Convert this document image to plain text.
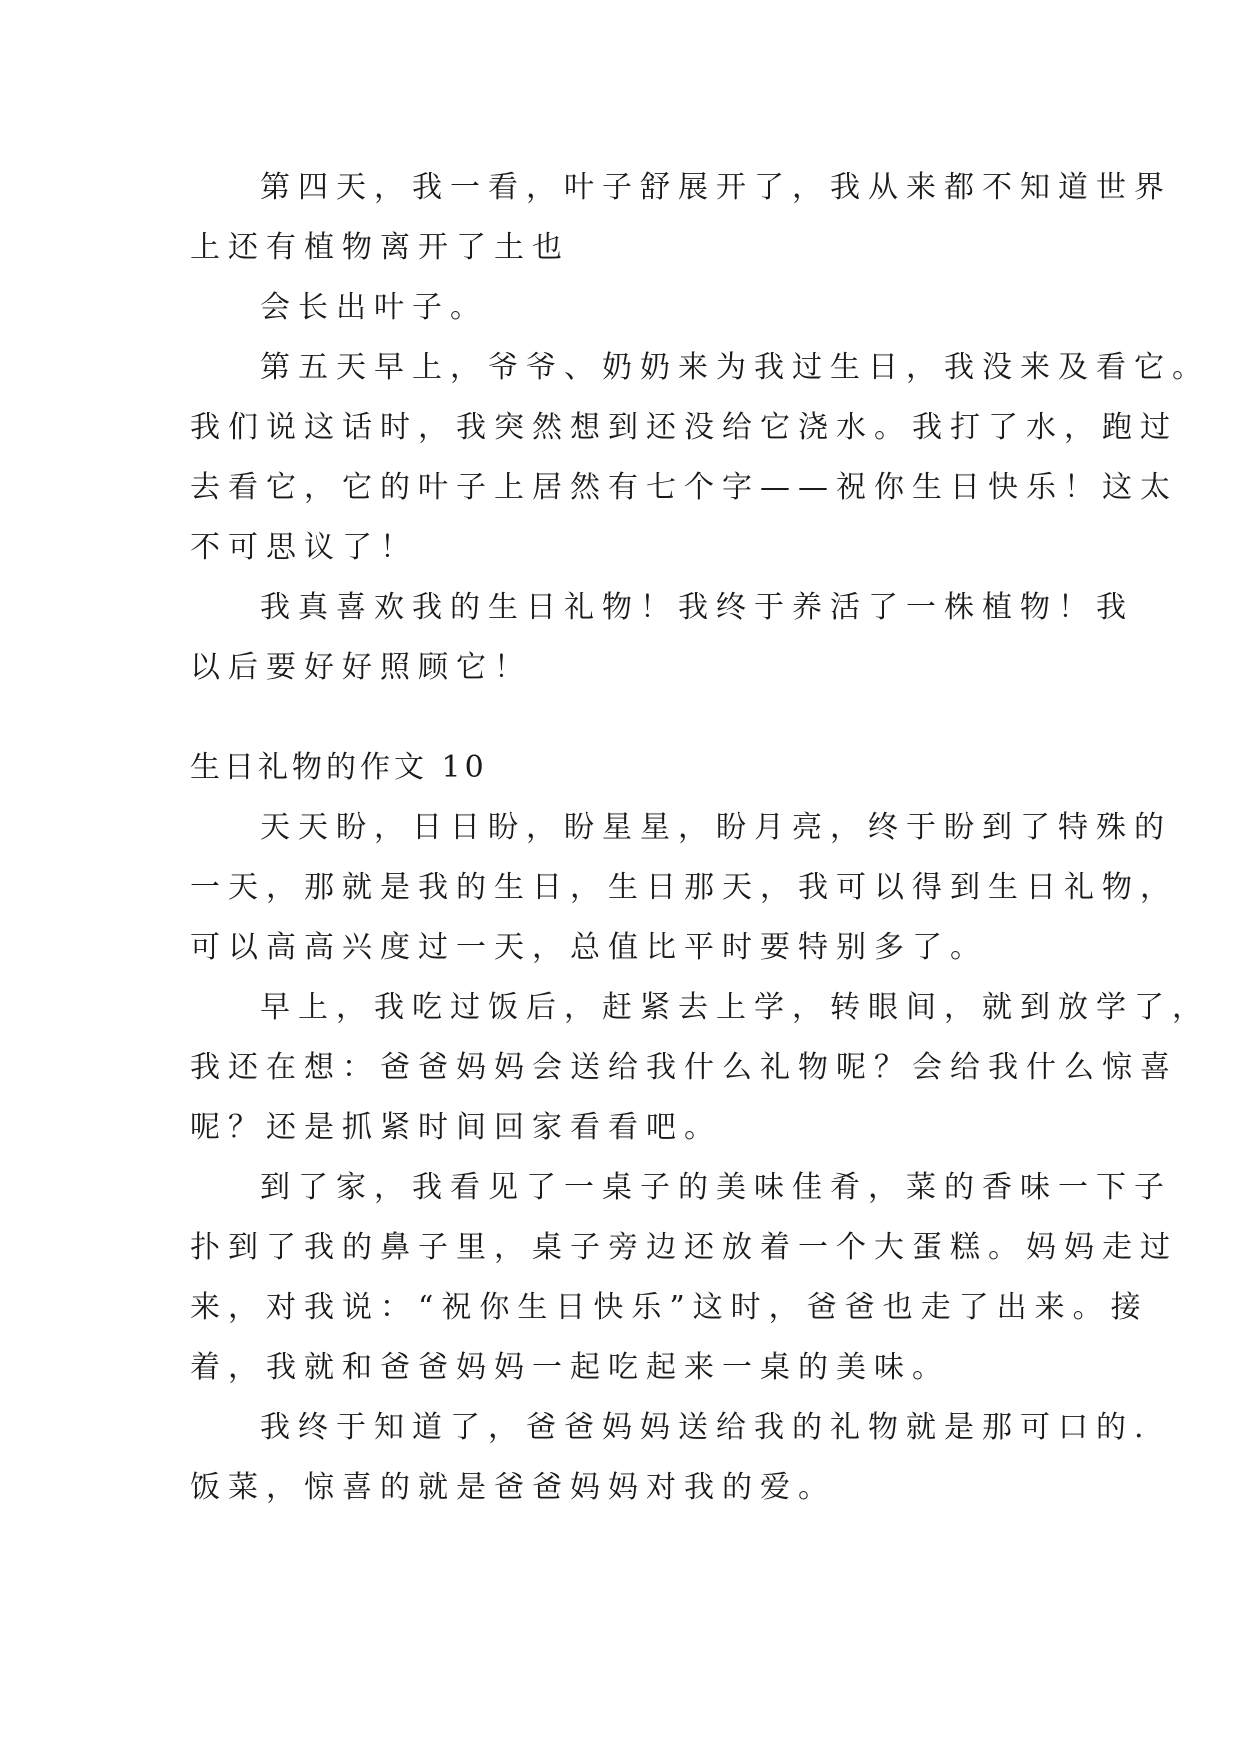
第四天，我一看，叶子舒展开了，我从来都不知道世界
上还有植物离开了土也
会长出叶子。
第五天早上，爷爷、奶奶来为我过生日，我没来及看它。
我们说这话时，我突然想到还没给它浇水。我打了水，跑过
去看它，它的叶子上居然有七个字——祝你生日快乐！这太
不可思议了！
我真喜欢我的生日礼物！我终于养活了一株植物！我
以后要好好照顾它！
生日礼物的作文 10
天天盼，日日盼，盼星星，盼月亮，终于盼到了特殊的
一天，那就是我的生日，生日那天，我可以得到生日礼物，
可以高高兴度过一天，总值比平时要特别多了。
早上，我吃过饭后，赶紧去上学，转眼间，就到放学了，
我还在想：爸爸妈妈会送给我什么礼物呢？会给我什么惊喜
呢？还是抓紧时间回家看看吧。
到了家，我看见了一桌子的美味佳肴，菜的香味一下子
扑到了我的鼻子里，桌子旁边还放着一个大蛋糕。妈妈走过
来，对我说：“祝你生日快乐”这时，爸爸也走了出来。接
着，我就和爸爸妈妈一起吃起来一桌的美味。
我终于知道了，爸爸妈妈送给我的礼物就是那可口的.
饭菜，惊喜的就是爸爸妈妈对我的爱。
